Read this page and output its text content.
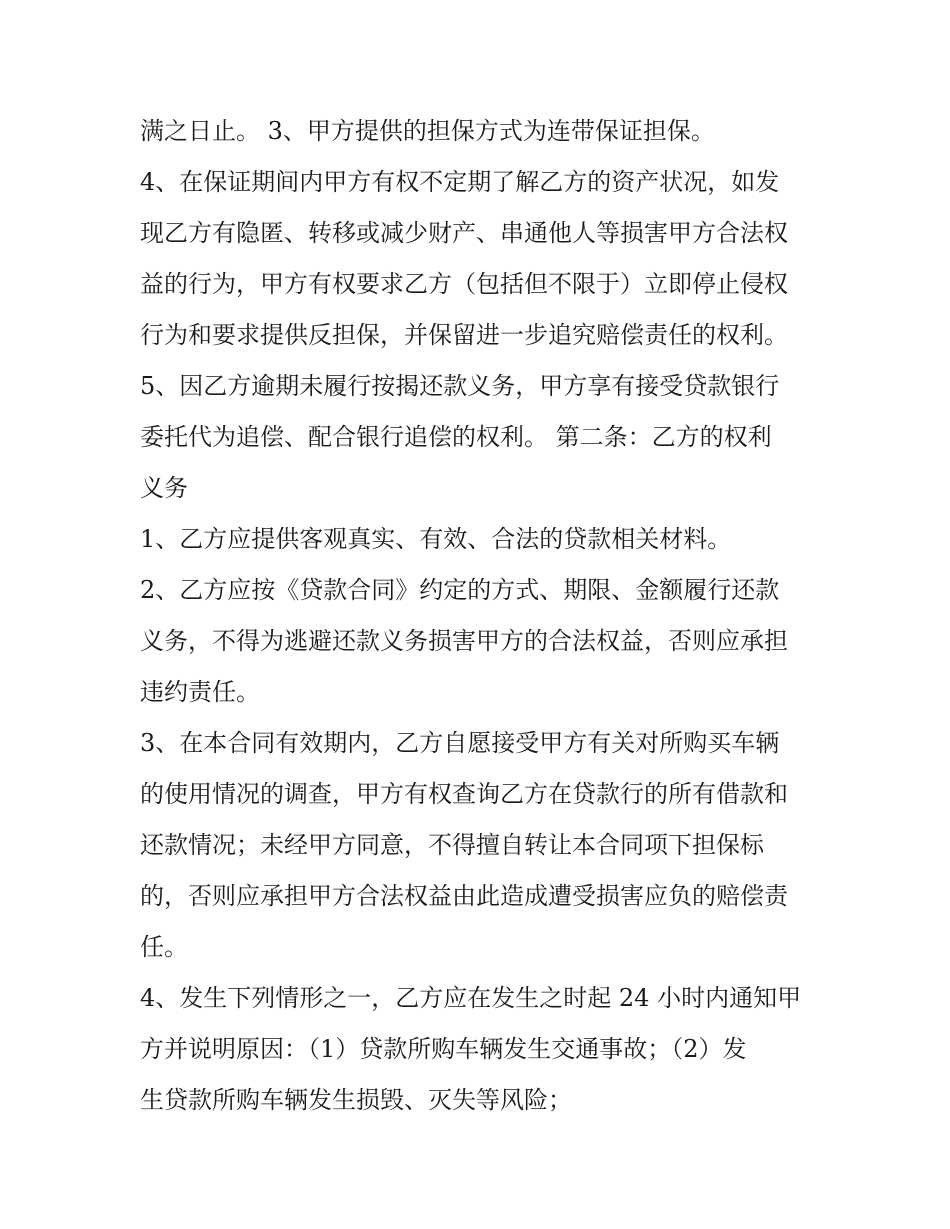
满之日止。 3、甲方提供的担保方式为连带保证担保。
4、在保证期间内甲方有权不定期了解乙方的资产状况，如发
现乙方有隐匿、转移或减少财产、串通他人等损害甲方合法权
益的行为，甲方有权要求乙方（包括但不限于）立即停止侵权
行为和要求提供反担保，并保留进一步追究赔偿责任的权利。
5、因乙方逾期未履行按揭还款义务，甲方享有接受贷款银行
委托代为追偿、配合银行追偿的权利。 第二条：乙方的权利
义务
1、乙方应提供客观真实、有效、合法的贷款相关材料。
2、乙方应按《贷款合同》约定的方式、期限、金额履行还款
义务，不得为逃避还款义务损害甲方的合法权益，否则应承担
违约责任。
3、在本合同有效期内，乙方自愿接受甲方有关对所购买车辆
的使用情况的调查，甲方有权查询乙方在贷款行的所有借款和
还款情况；未经甲方同意，不得擅自转让本合同项下担保标
的，否则应承担甲方合法权益由此造成遭受损害应负的赔偿责
任。
4、发生下列情形之一，乙方应在发生之时起 24 小时内通知甲
方并说明原因：（1）贷款所购车辆发生交通事故；（2）发
生贷款所购车辆发生损毁、灭失等风险；
